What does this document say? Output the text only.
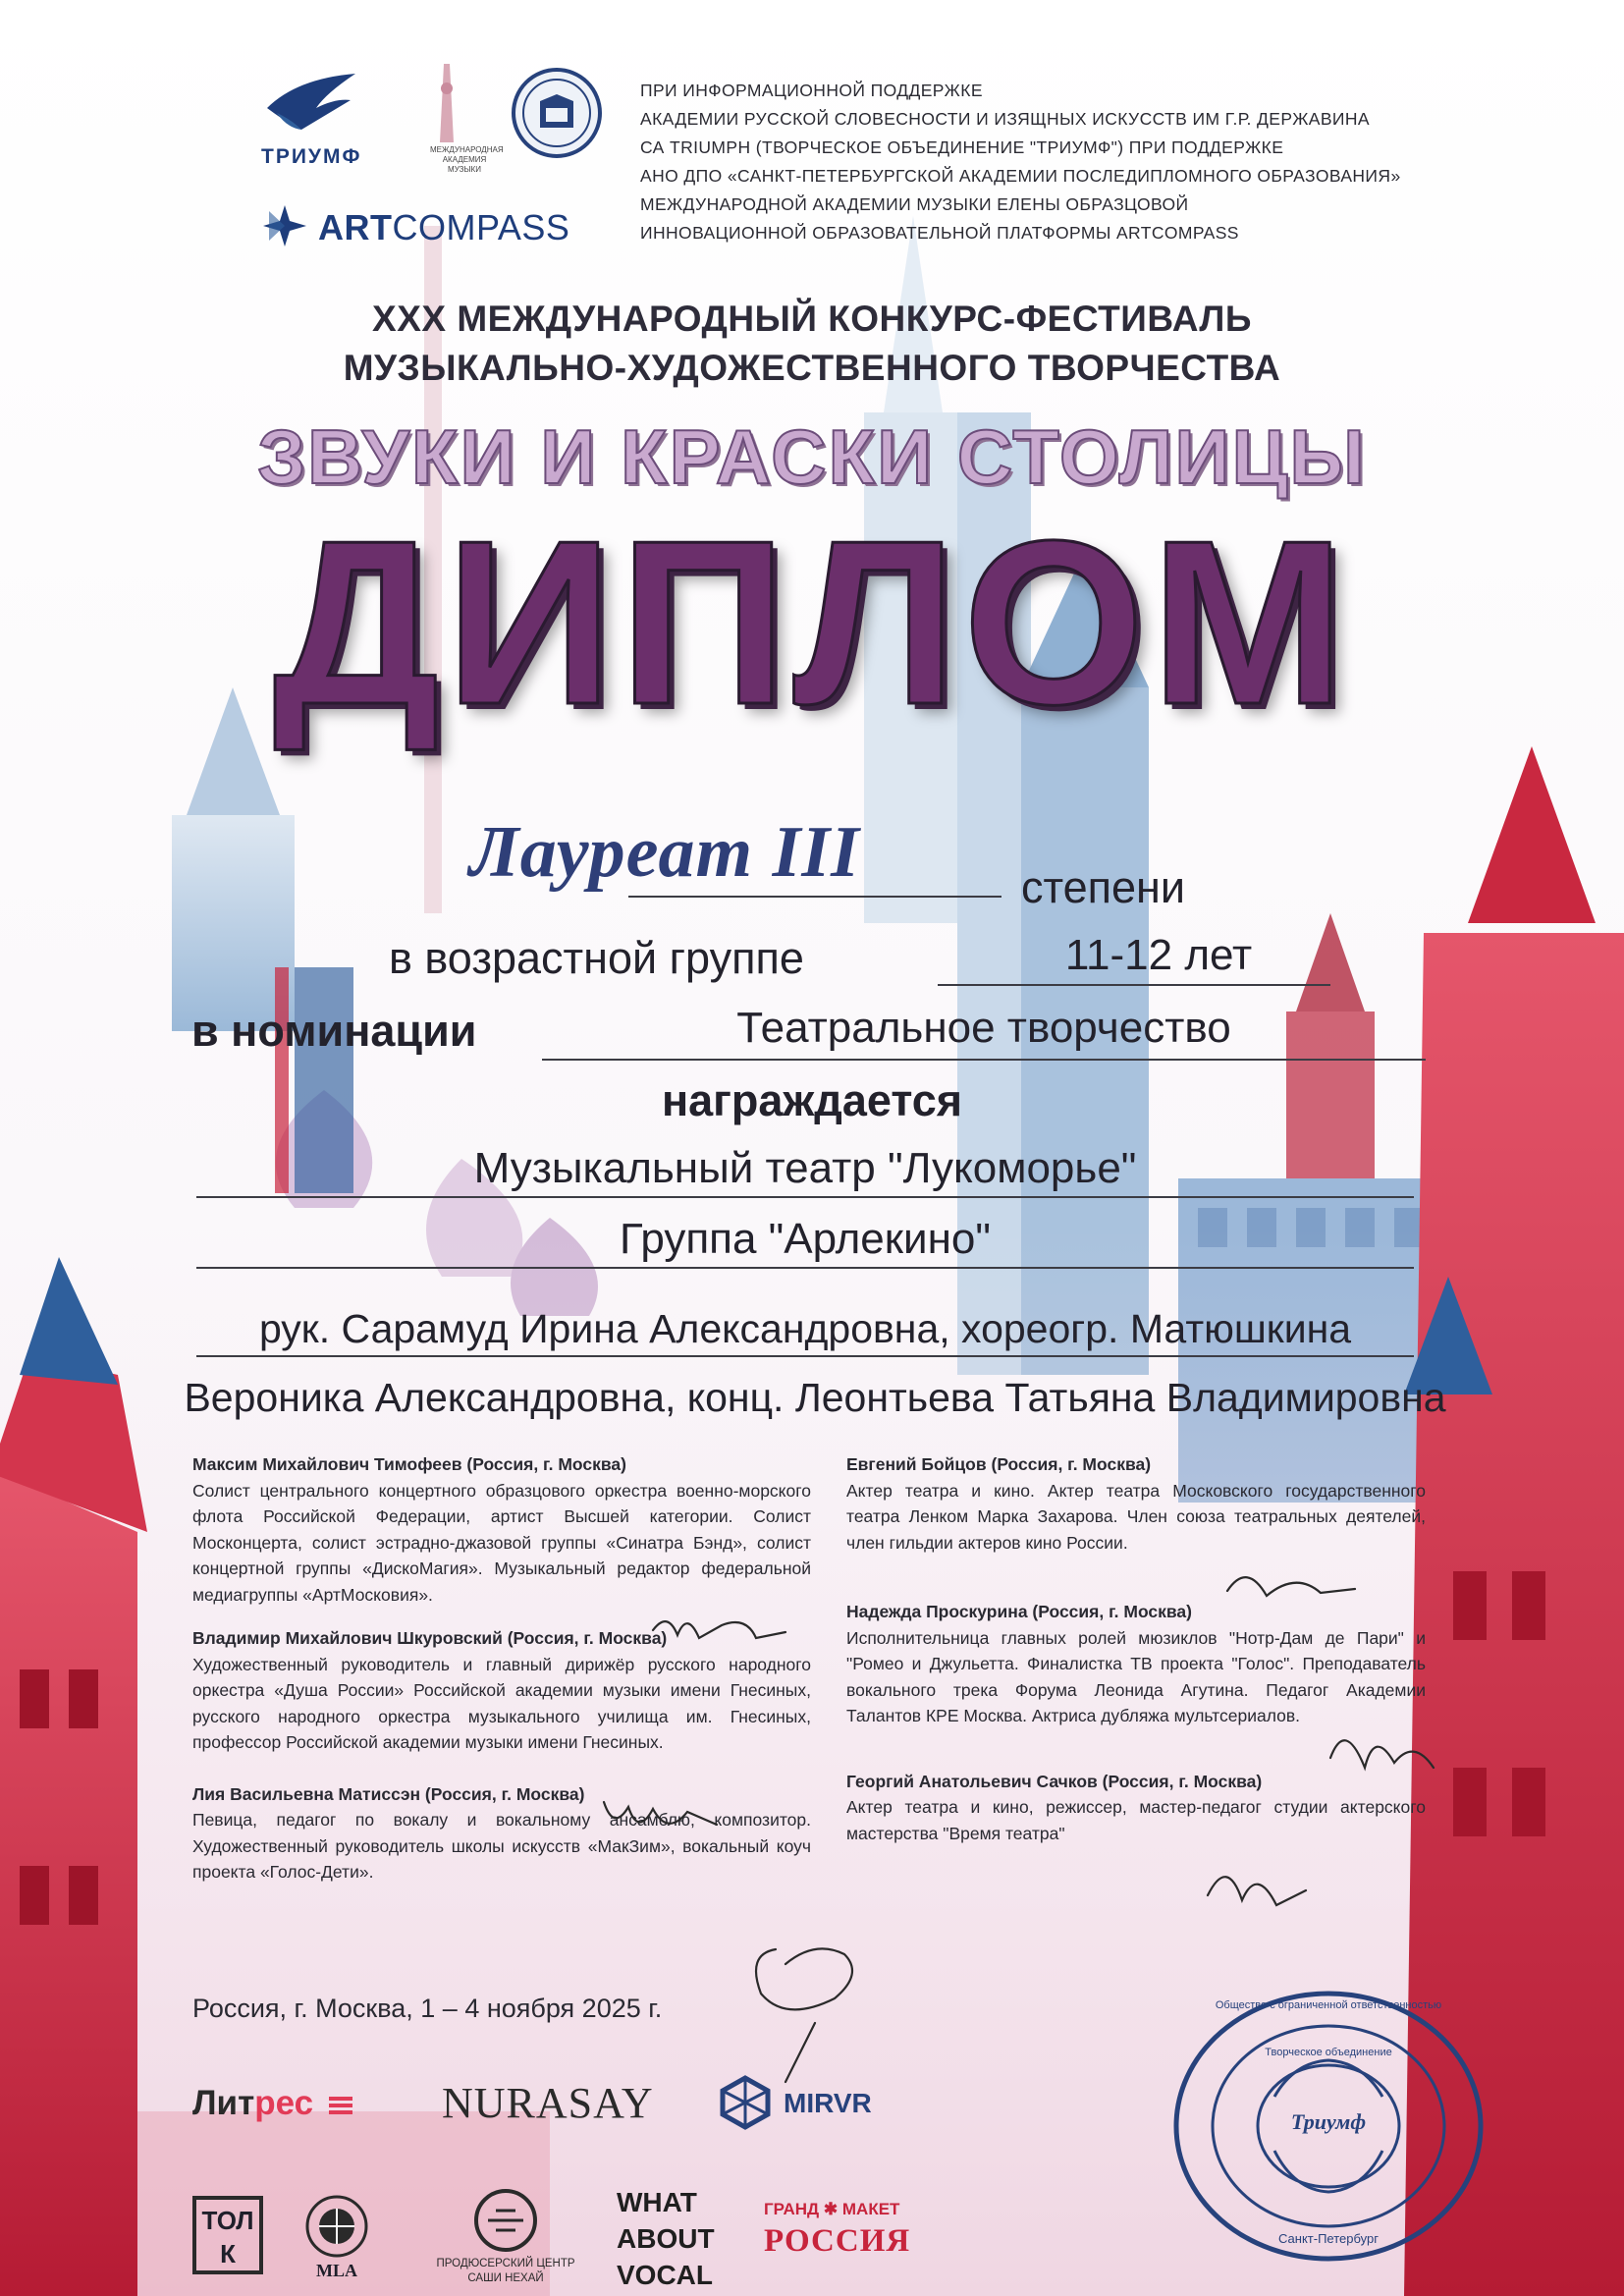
ТРИУМФ	МЕЖДУНАРОДНАЯ АКАДЕМИЯ МУЗЫКИ
ARTCOMPASS
ПРИ ИНФОРМАЦИОННОЙ ПОДДЕРЖКЕ
АКАДЕМИИ РУССКОЙ СЛОВЕСНОСТИ И ИЗЯЩНЫХ ИСКУССТВ ИМ Г.Р. ДЕРЖАВИНА
СА TRIUMPH (ТВОРЧЕСКОЕ ОБЪЕДИНЕНИЕ "ТРИУМФ") ПРИ ПОДДЕРЖКЕ
АНО ДПО «САНКТ-ПЕТЕРБУРГСКОЙ АКАДЕМИИ ПОСЛЕДИПЛОМНОГО ОБРАЗОВАНИЯ»
МЕЖДУНАРОДНОЙ АКАДЕМИИ МУЗЫКИ ЕЛЕНЫ ОБРАЗЦОВОЙ
ИННОВАЦИОННОЙ ОБРАЗОВАТЕЛЬНОЙ ПЛАТФОРМЫ ARTCOMPASS
XXX МЕЖДУНАРОДНЫЙ КОНКУРС-ФЕСТИВАЛЬ
МУЗЫКАЛЬНО-ХУДОЖЕСТВЕННОГО ТВОРЧЕСТВА
ЗВУКИ И КРАСКИ СТОЛИЦЫ
ДИПЛОМ
Лауреат III	степени
в возрастной группе	11-12 лет
в номинации	Театральное творчество
награждается
Музыкальный театр "Лукоморье"
Группа "Арлекино"
рук. Сарамуд Ирина Александровна, хореогр. Матюшкина
Вероника Александровна, конц. Леонтьева Татьяна Владимировна
Максим Михайлович Тимофеев (Россия, г. Москва)
Солист центрального концертного образцового оркестра военно-морского флота Российской Федерации, артист Высшей категории. Солист Москонцерта, солист эстрадно-джазовой группы «Синатра Бэнд», солист концертной группы «ДискоМагия». Музыкальный редактор федеральной медиагруппы «АртМосковия».
Владимир Михайлович Шкуровский (Россия, г. Москва)
Художественный руководитель и главный дирижёр русского народного оркестра «Душа России» Российской академии музыки имени Гнесиных, русского народного оркестра музыкального училища им. Гнесиных, профессор Российской академии музыки имени Гнесиных.
Лия Васильевна Матиссэн (Россия, г. Москва)
Певица, педагог по вокалу и вокальному ансамблю, композитор. Художественный руководитель школы искусств «МакЗим», вокальный коуч проекта «Голос-Дети».
Евгений Бойцов (Россия, г. Москва)
Актер театра и кино. Актер театра Московского государственного театра Ленком Марка Захарова. Член союза театральных деятелей, член гильдии актеров кино России.
Надежда Проскурина (Россия, г. Москва)
Исполнительница главных ролей мюзиклов "Нотр-Дам де Пари" и "Ромео и Джульетта. Финалистка ТВ проекта "Голос". Преподаватель вокального трека Форума Леонида Агутина. Педагог Академии Талантов КРЕ Москва. Актриса дубляжа мультсериалов.
Георгий Анатольевич Сачков (Россия, г. Москва)
Актер театра и кино, режиссер, мастер-педагог студии актерского мастерства "Время театра"
Россия, г. Москва, 1 – 4 ноября 2025 г.
Триумф
Творческое объединение
Общество с ограниченной ответственностью
Санкт-Петербург
Литрес	NURASAY	MIRVR
ТОЛК
MLA	ПРОДЮСЕРСКИЙ ЦЕНТР
САШИ НЕХАЙ
WHAT
ABOUT
VOCAL
ГРАНД ✱ МАКЕТ
РОССИЯ
